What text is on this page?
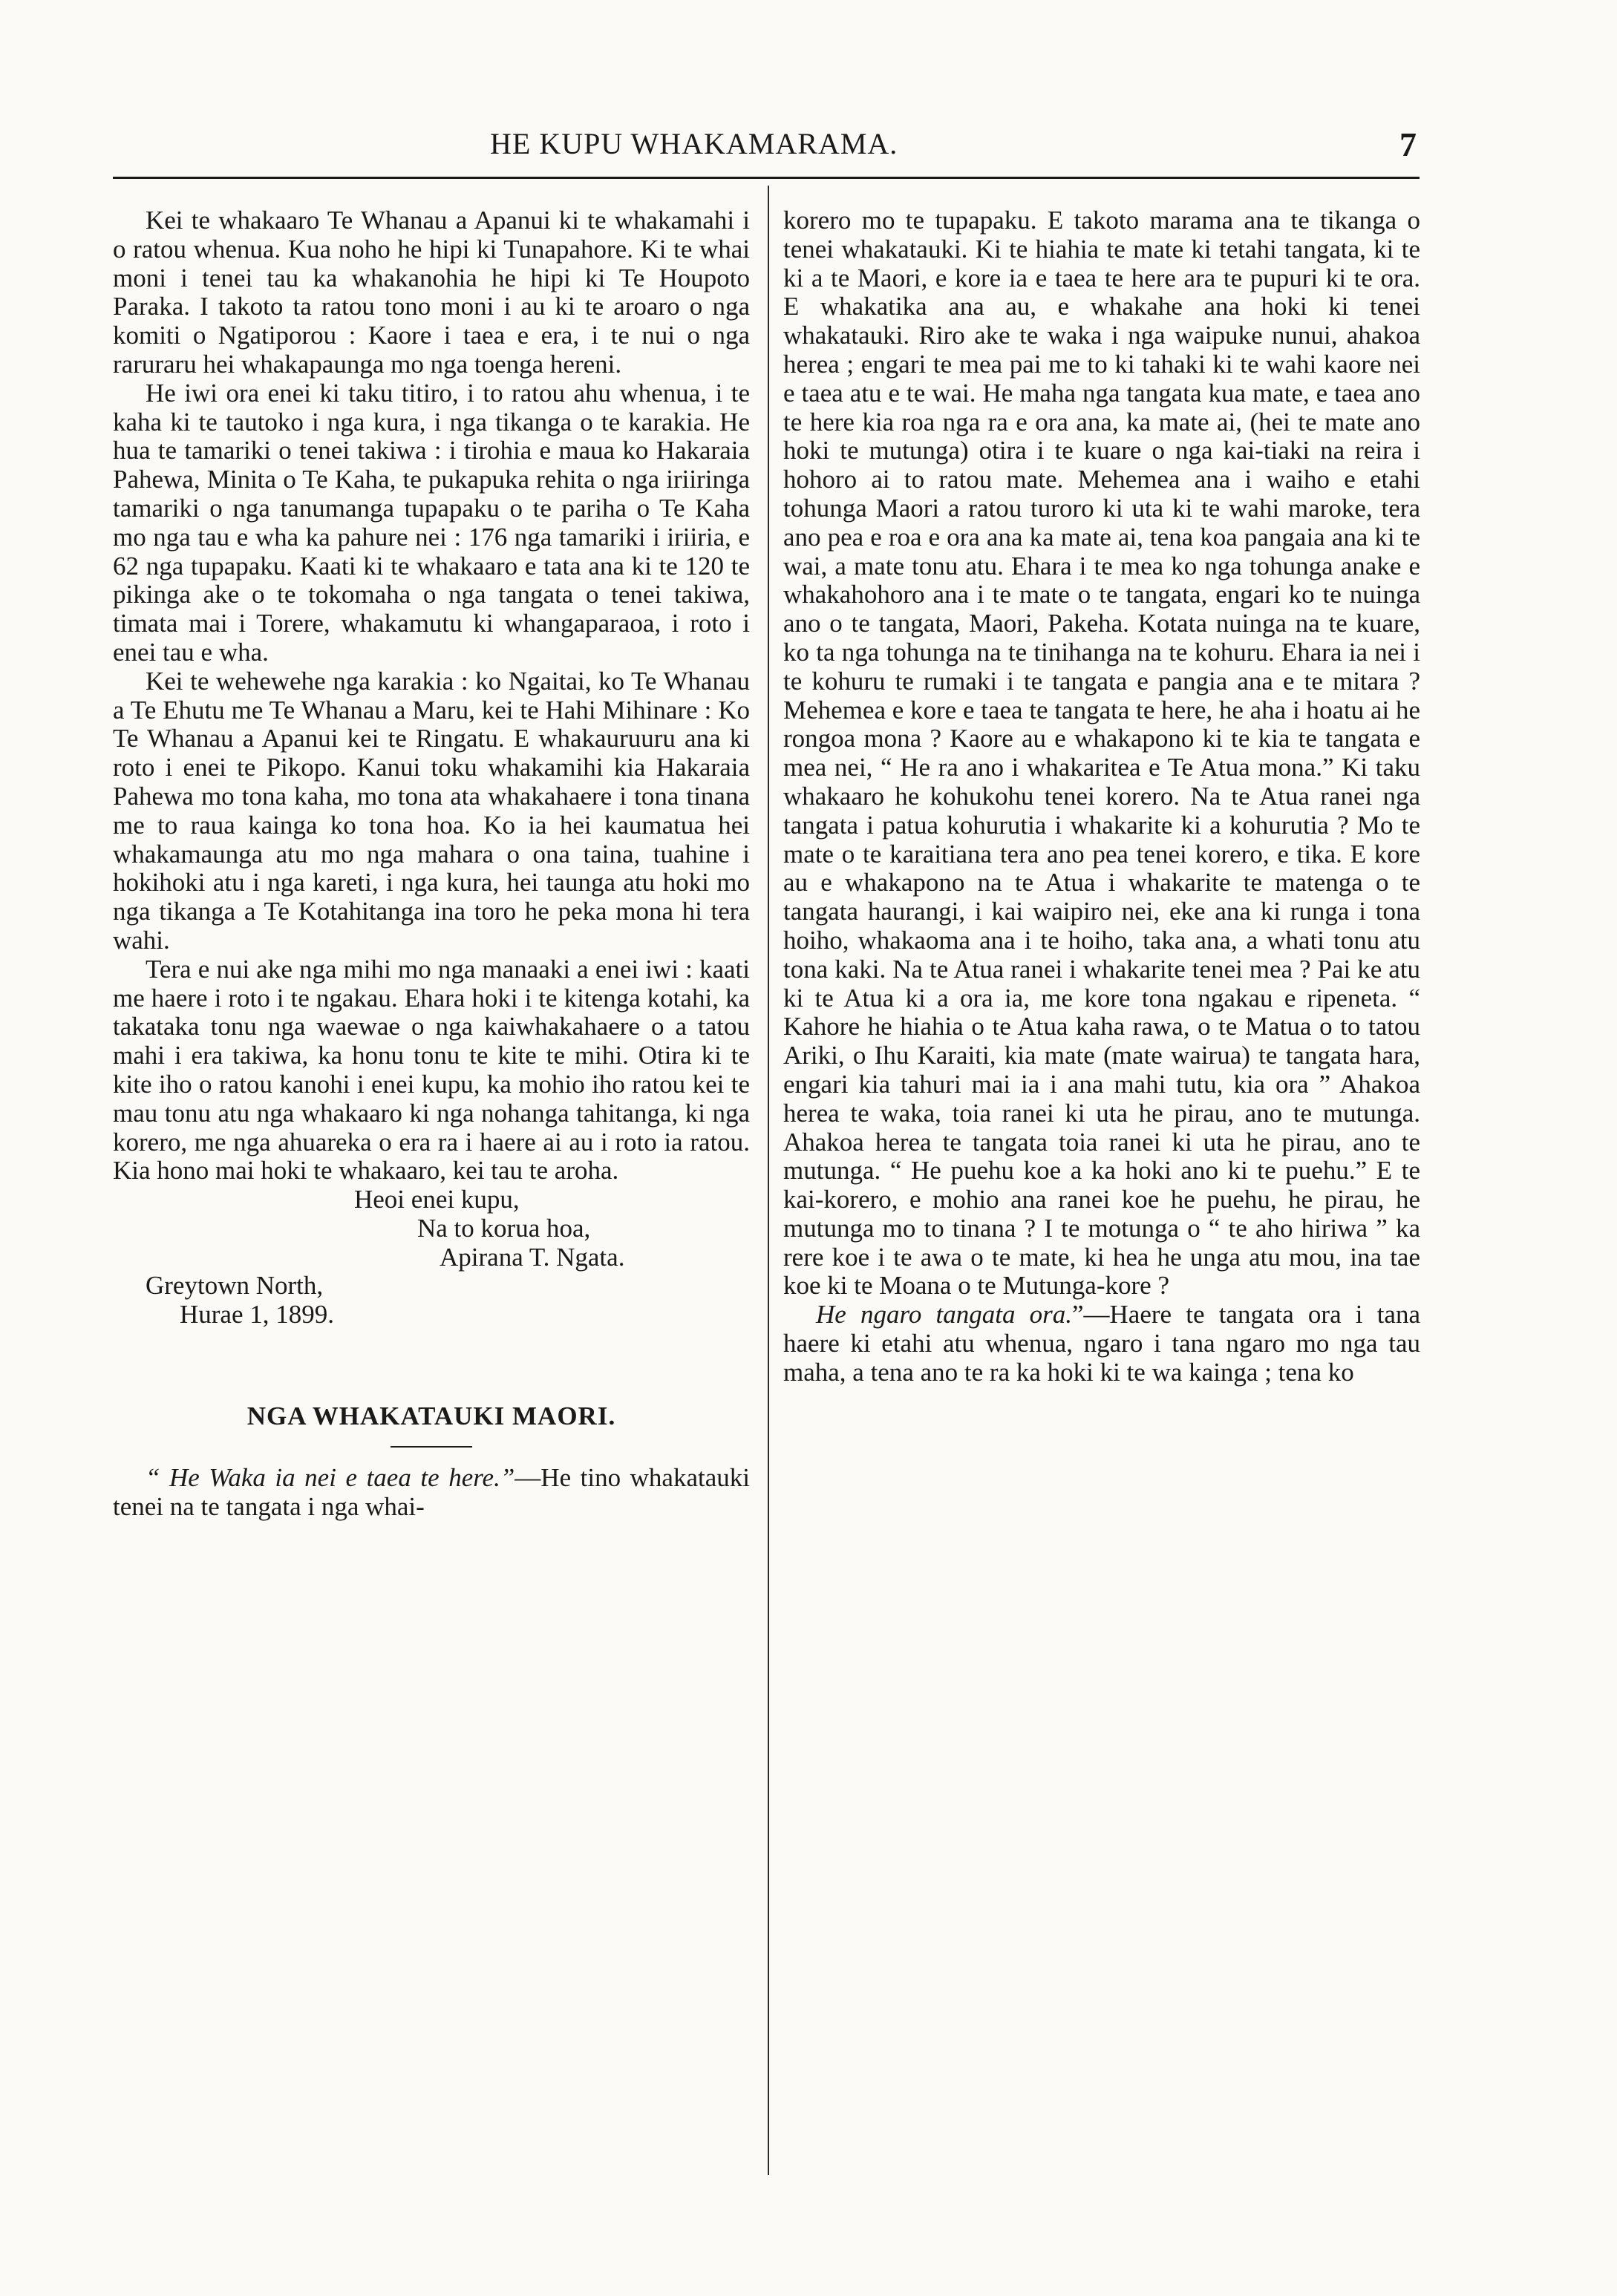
HE KUPU WHAKAMARAMA.	7

Kei te whakaaro Te Whanau a Apanui ki te whakamahi i o ratou whenua. Kua noho he hipi ki Tunapahore. Ki te whai moni i tenei tau ka whakanohia he hipi ki Te Houpoto Paraka. I takoto ta ratou tono moni i au ki te aroaro o nga komiti o Ngatiporou : Kaore i taea e era, i te nui o nga raruraru hei whakapaunga mo nga toenga hereni.

He iwi ora enei ki taku titiro, i to ratou ahu whenua, i te kaha ki te tautoko i nga kura, i nga tikanga o te karakia. He hua te tamariki o tenei takiwa : i tirohia e maua ko Hakaraia Pahewa, Minita o Te Kaha, te pukapuka rehita o nga iriiringa tamariki o nga tanumanga tupapaku o te pariha o Te Kaha mo nga tau e wha ka pahure nei : 176 nga tamariki i iriiria, e 62 nga tupapaku. Kaati ki te whakaaro e tata ana ki te 120 te pikinga ake o te tokomaha o nga tangata o tenei takiwa, timata mai i Torere, whakamutu ki whangaparaoa, i roto i enei tau e wha.

Kei te wehewehe nga karakia : ko Ngaitai, ko Te Whanau a Te Ehutu me Te Whanau a Maru, kei te Hahi Mihinare : Ko Te Whanau a Apanui kei te Ringatu. E whakauruuru ana ki roto i enei te Pikopo. Kanui toku whakamihi kia Hakaraia Pahewa mo tona kaha, mo tona ata whakahaere i tona tinana me to raua kainga ko tona hoa. Ko ia hei kaumatua hei whakamaunga atu mo nga mahara o ona taina, tuahine i hokihoki atu i nga kareti, i nga kura, hei taunga atu hoki mo nga tikanga a Te Kotahitanga ina toro he peka mona hi tera wahi.

Tera e nui ake nga mihi mo nga manaaki a enei iwi : kaati me haere i roto i te ngakau. Ehara hoki i te kitenga kotahi, ka takataka tonu nga waewae o nga kaiwhakahaere o a tatou mahi i era takiwa, ka honu tonu te kite te mihi. Otira ki te kite iho o ratou kanohi i enei kupu, ka mohio iho ratou kei te mau tonu atu nga whakaaro ki nga nohanga tahitanga, ki nga korero, me nga ahuareka o era ra i haere ai au i roto ia ratou. Kia hono mai hoki te whakaaro, kei tau te aroha.

Heoi enei kupu,

Na to korua hoa,

Apirana T. Ngata.

Greytown North,

Hurae 1, 1899.

NGA WHAKATAUKI MAORI.

“ He Waka ia nei e taea te here.”—He tino whakatauki tenei na te tangata i nga whai-

korero mo te tupapaku. E takoto marama ana te tikanga o tenei whakatauki. Ki te hiahia te mate ki tetahi tangata, ki te ki a te Maori, e kore ia e taea te here ara te pupuri ki te ora. E whakatika ana au, e whakahe ana hoki ki tenei whakatauki. Riro ake te waka i nga waipuke nunui, ahakoa herea ; engari te mea pai me to ki tahaki ki te wahi kaore nei e taea atu e te wai. He maha nga tangata kua mate, e taea ano te here kia roa nga ra e ora ana, ka mate ai, (hei te mate ano hoki te mutunga) otira i te kuare o nga kai-tiaki na reira i hohoro ai to ratou mate. Mehemea ana i waiho e etahi tohunga Maori a ratou turoro ki uta ki te wahi maroke, tera ano pea e roa e ora ana ka mate ai, tena koa pangaia ana ki te wai, a mate tonu atu. Ehara i te mea ko nga tohunga anake e whakahohoro ana i te mate o te tangata, engari ko te nuinga ano o te tangata, Maori, Pakeha. Kotata nuinga na te kuare, ko ta nga tohunga na te tinihanga na te kohuru. Ehara ia nei i te kohuru te rumaki i te tangata e pangia ana e te mitara ? Mehemea e kore e taea te tangata te here, he aha i hoatu ai he rongoa mona ? Kaore au e whakapono ki te kia te tangata e mea nei, “ He ra ano i whakaritea e Te Atua mona.” Ki taku whakaaro he kohukohu tenei korero. Na te Atua ranei nga tangata i patua kohurutia i whakarite ki a kohurutia ? Mo te mate o te karaitiana tera ano pea tenei korero, e tika. E kore au e whakapono na te Atua i whakarite te matenga o te tangata haurangi, i kai waipiro nei, eke ana ki runga i tona hoiho, whakaoma ana i te hoiho, taka ana, a whati tonu atu tona kaki. Na te Atua ranei i whakarite tenei mea ? Pai ke atu ki te Atua ki a ora ia, me kore tona ngakau e ripeneta. “ Kahore he hiahia o te Atua kaha rawa, o te Matua o to tatou Ariki, o Ihu Karaiti, kia mate (mate wairua) te tangata hara, engari kia tahuri mai ia i ana mahi tutu, kia ora ” Ahakoa herea te waka, toia ranei ki uta he pirau, ano te mutunga. Ahakoa herea te tangata toia ranei ki uta he pirau, ano te mutunga. “ He puehu koe a ka hoki ano ki te puehu.” E te kai-korero, e mohio ana ranei koe he puehu, he pirau, he mutunga mo to tinana ? I te motunga o “ te aho hiriwa ” ka rere koe i te awa o te mate, ki hea he unga atu mou, ina tae koe ki te Moana o te Mutunga-kore ?

He ngaro tangata ora.”—Haere te tangata ora i tana haere ki etahi atu whenua, ngaro i tana ngaro mo nga tau maha, a tena ano te ra ka hoki ki te wa kainga ; tena ko
